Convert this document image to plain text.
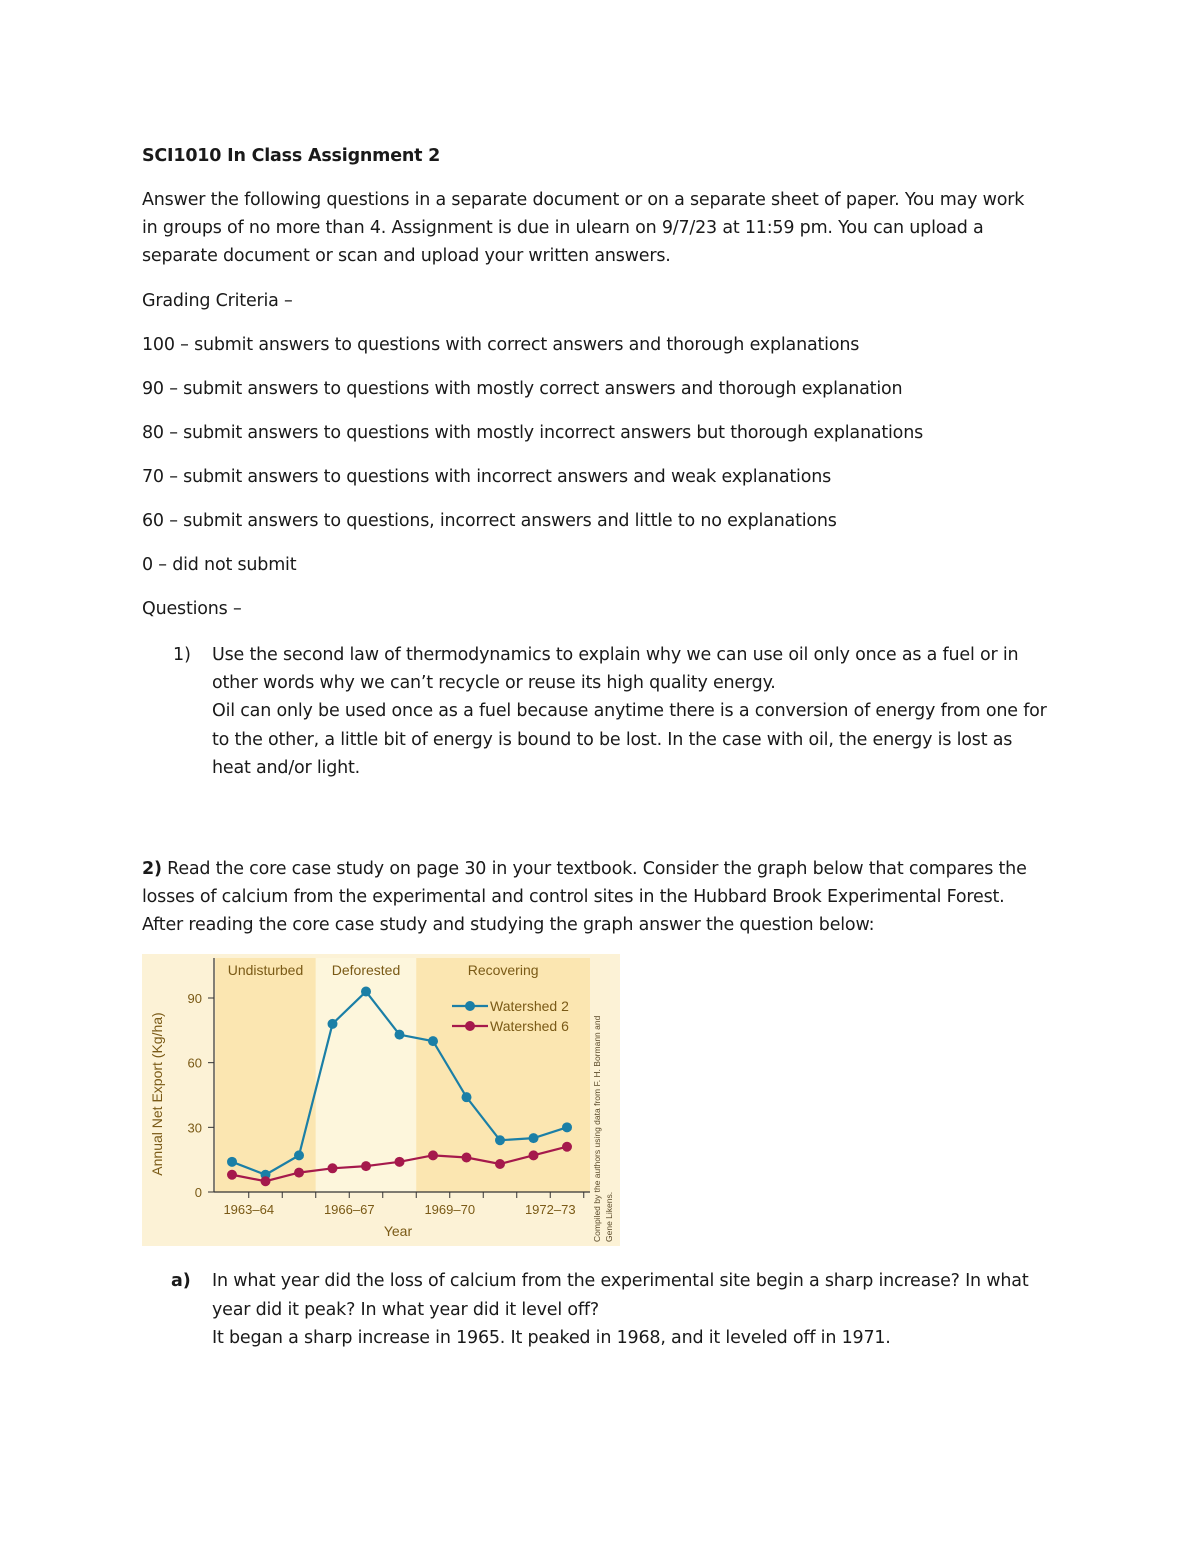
SCI1010 In Class Assignment 2
Answer the following questions in a separate document or on a separate sheet of paper. You may work
in groups of no more than 4. Assignment is due in ulearn on 9/7/23 at 11:59 pm. You can upload a
separate document or scan and upload your written answers.
Grading Criteria –
100 – submit answers to questions with correct answers and thorough explanations
90 – submit answers to questions with mostly correct answers and thorough explanation
80 – submit answers to questions with mostly incorrect answers but thorough explanations
70 – submit answers to questions with incorrect answers and weak explanations
60 – submit answers to questions, incorrect answers and little to no explanations
0 – did not submit
Questions –
1) Use the second law of thermodynamics to explain why we can use oil only once as a fuel or in
other words why we can’t recycle or reuse its high quality energy.
Oil can only be used once as a fuel because anytime there is a conversion of energy from one for
to the other, a little bit of energy is bound to be lost. In the case with oil, the energy is lost as
heat and/or light.
2) Read the core case study on page 30 in your textbook. Consider the graph below that compares the
losses of calcium from the experimental and control sites in the Hubbard Brook Experimental Forest.
After reading the core case study and studying the graph answer the question below:
Undisturbed Deforested	Recovering
0
30
60
90
1963–64	1966–67	1969–70	1972–73
Watershed 2
Watershed 6
Annual Net Export (Kg/ha)
Year	Compiled by the authors using data from F. H. Bormann and Gene Likens.
a) In what year did the loss of calcium from the experimental site begin a sharp increase? In what
year did it peak? In what year did it level off?
It began a sharp increase in 1965. It peaked in 1968, and it leveled off in 1971.
